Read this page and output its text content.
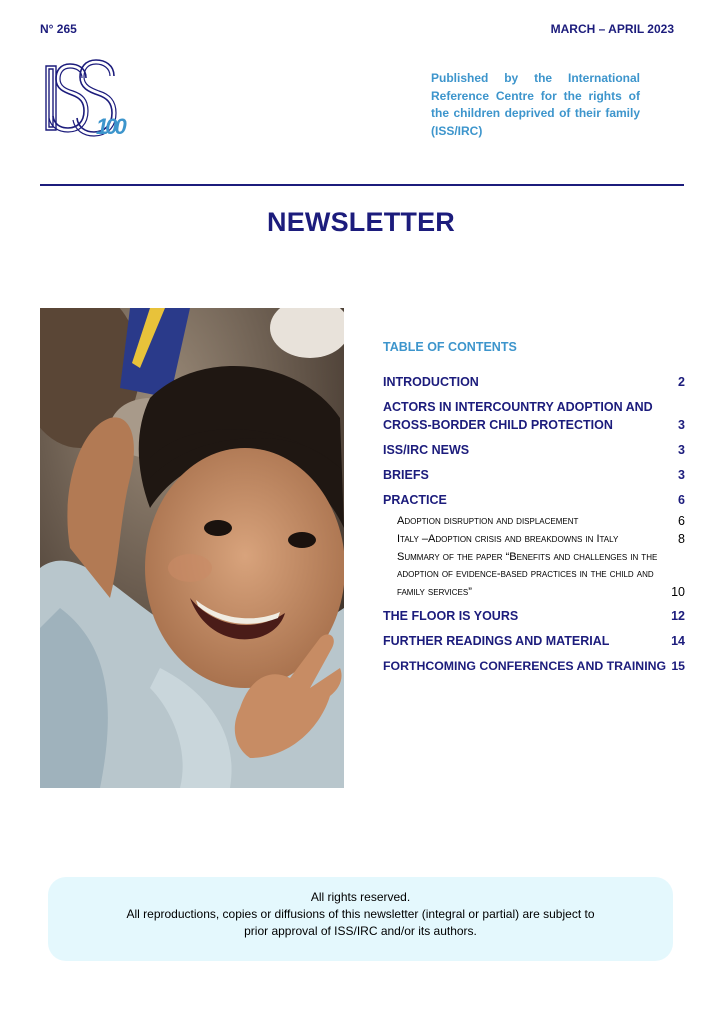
N° 265	MARCH – APRIL 2023
100
Published by the International Reference Centre for the rights of the children deprived of their family (ISS/IRC)
NEWSLETTER
TABLE OF CONTENTS
INTRODUCTION	2
ACTORS IN INTERCOUNTRY ADOPTION AND CROSS-BORDER CHILD PROTECTION	3
ISS/IRC NEWS	3
BRIEFS	3
PRACTICE	6
Adoption disruption and displacement	6
Italy –Adoption crisis and breakdowns in Italy	8
Summary of the paper “Benefits and challenges in the adoption of evidence-based practices in the child and family services”	10
THE FLOOR IS YOURS	12
FURTHER READINGS AND MATERIAL	14
FORTHCOMING CONFERENCES AND TRAINING 15
All rights reserved.
All reproductions, copies or diffusions of this newsletter (integral or partial) are subject to
prior approval of ISS/IRC and/or its authors.
